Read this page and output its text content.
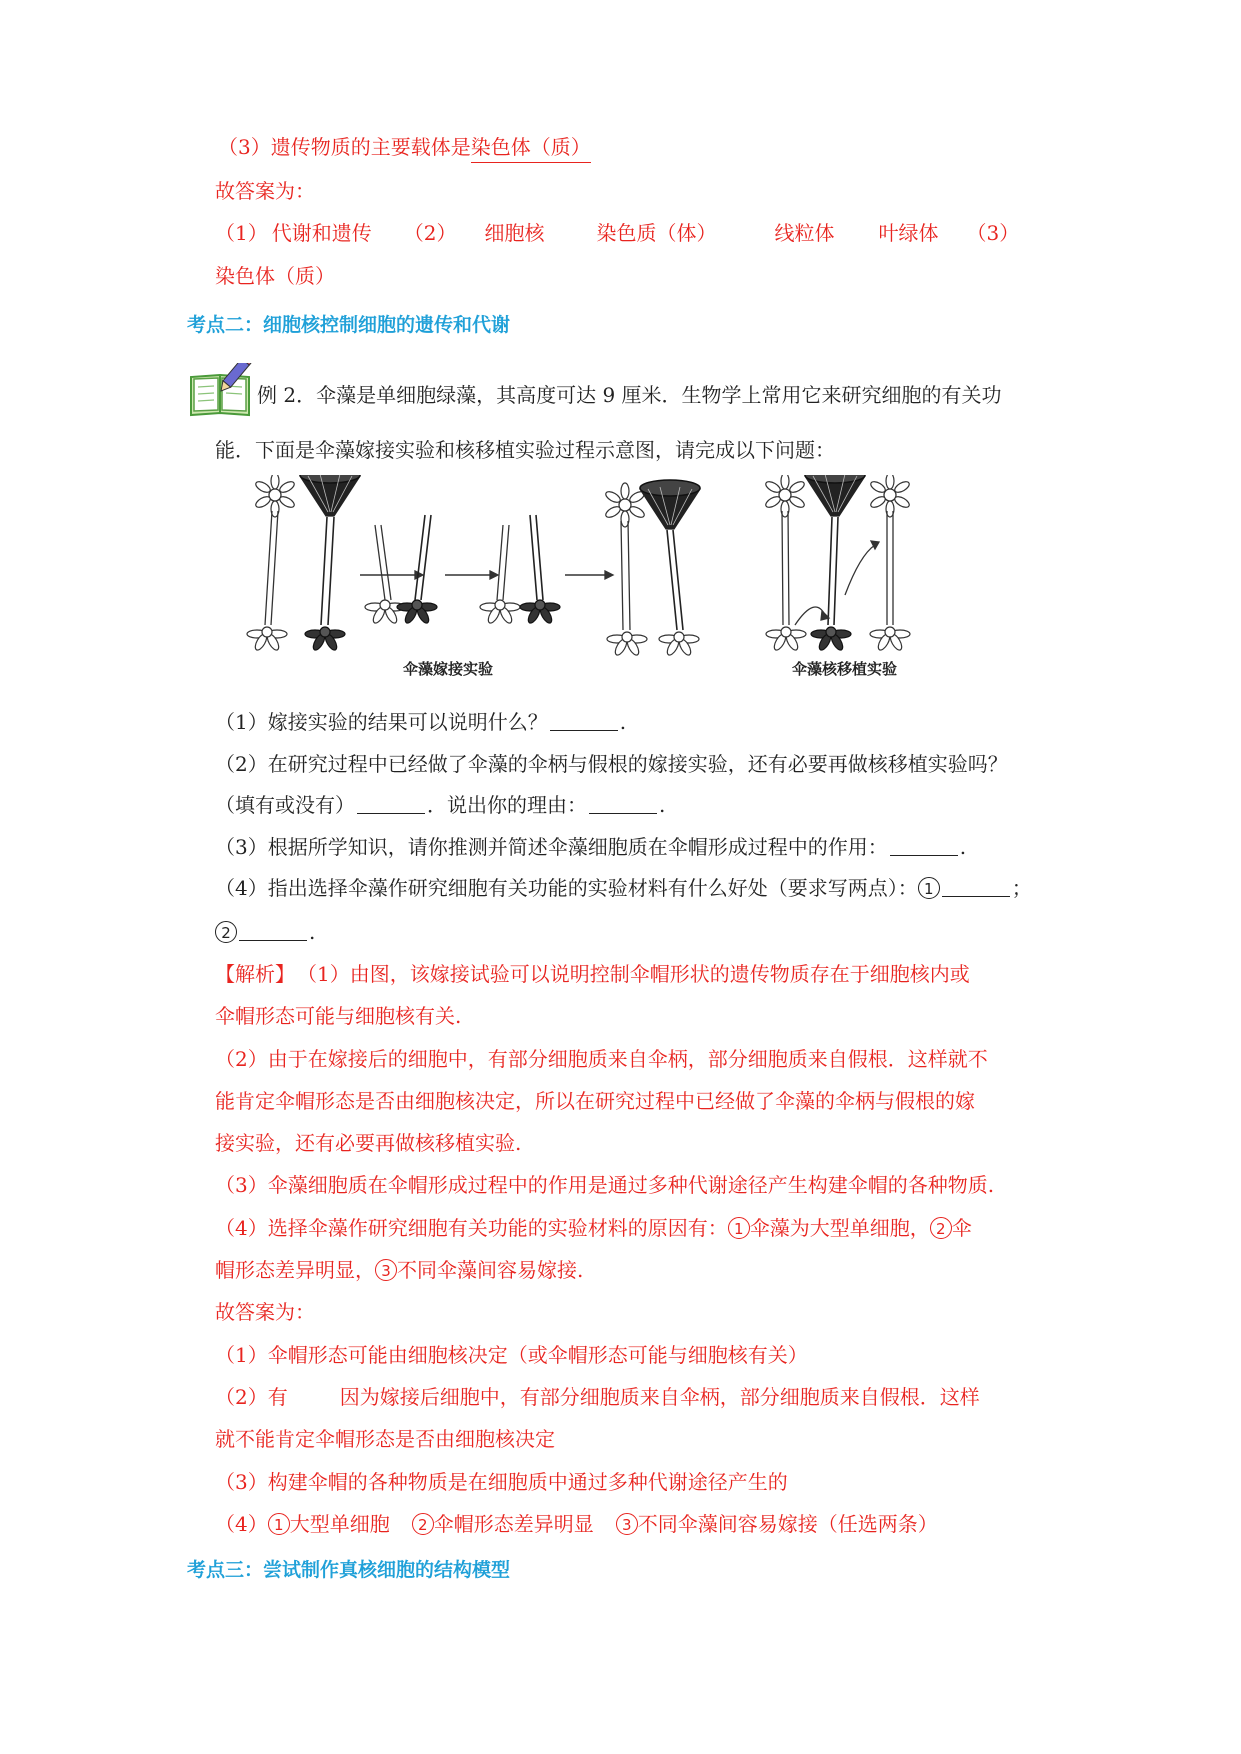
（3）遗传物质的主要载体是染色体（质）
故答案为：
（1） 代谢和遗传 （2） 细胞核	染色质（体）	线粒体 叶绿体 （3）
染色体（质）
考点二：细胞核控制细胞的遗传和代谢
例 2．伞藻是单细胞绿藻，其高度可达 9 厘米．生物学上常用它来研究细胞的有关功
能．下面是伞藻嫁接实验和核移植实验过程示意图，请完成以下问题：
伞藻嫁接实验	伞藻核移植实验
（1）嫁接实验的结果可以说明什么？	.
（2）在研究过程中已经做了伞藻的伞柄与假根的嫁接实验，还有必要再做核移植实验吗？
（填有或没有）	．说出你的理由：	.
（3）根据所学知识，请你推测并简述伞藻细胞质在伞帽形成过程中的作用：	.
（4）指出选择伞藻作研究细胞有关功能的实验材料有什么好处（要求写两点）： 1	；
2	.
【解析】 （1）由图，该嫁接试验可以说明控制伞帽形状的遗传物质存在于细胞核内或
伞帽形态可能与细胞核有关.
（2）由于在嫁接后的细胞中，有部分细胞质来自伞柄，部分细胞质来自假根．这样就不
能肯定伞帽形态是否由细胞核决定，所以在研究过程中已经做了伞藻的伞柄与假根的嫁
接实验，还有必要再做核移植实验.
（3）伞藻细胞质在伞帽形成过程中的作用是通过多种代谢途径产生构建伞帽的各种物质.
（4）选择伞藻作研究细胞有关功能的实验材料的原因有： 1 伞藻为大型单细胞， 2 伞
帽形态差异明显， 3 不同伞藻间容易嫁接.
故答案为：
（1）伞帽形态可能由细胞核决定（或伞帽形态可能与细胞核有关）
（2）有	因为嫁接后细胞中，有部分细胞质来自伞柄，部分细胞质来自假根．这样
就不能肯定伞帽形态是否由细胞核决定
（3）构建伞帽的各种物质是在细胞质中通过多种代谢途径产生的
（4） 1 大型单细胞 2 伞帽形态差异明显 3 不同伞藻间容易嫁接（任选两条）
考点三：尝试制作真核细胞的结构模型
